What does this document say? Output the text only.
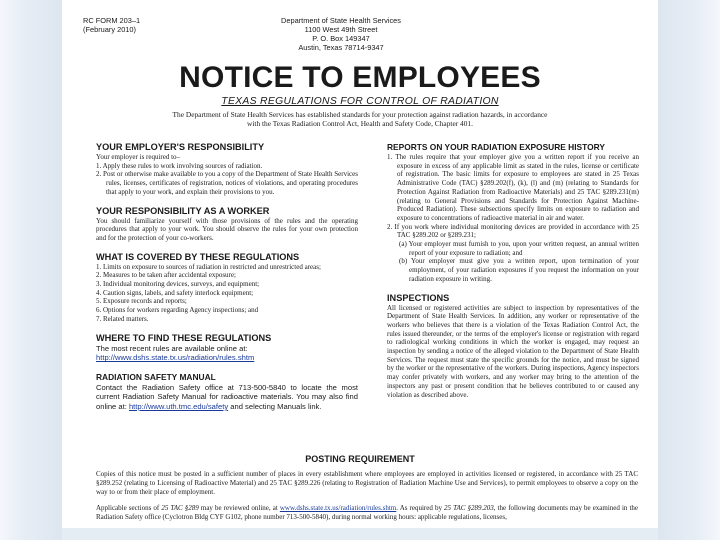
RC FORM 203–1
(February 2010)
Department of State Health Services
1100 West 49th Street
P. O. Box 149347
Austin, Texas 78714-9347
NOTICE TO EMPLOYEES
TEXAS REGULATIONS FOR CONTROL OF RADIATION
The Department of State Health Services has established standards for your protection against radiation hazards, in accordance with the Texas Radiation Control Act, Health and Safety Code, Chapter 401.
YOUR EMPLOYER'S RESPONSIBILITY

Your employer is required to–

1. Apply these rules to work involving sources of radiation.
2. Post or otherwise make available to you a copy of the Department of State Health Services rules, licenses, certificates of registration, notices of violations, and operating procedures that apply to your work, and explain their provisions to you.
YOUR RESPONSIBILITY AS A WORKER

You should familiarize yourself with those provisions of the rules and the operating procedures that apply to your work. You should observe the rules for your own protection and for the protection of your co-workers.

WHAT IS COVERED BY THESE REGULATIONS
1. Limits on exposure to sources of radiation in restricted and unrestricted areas;
2. Measures to be taken after accidental exposure;
3. Individual monitoring devices, surveys, and equipment;
4. Caution signs, labels, and safety interlock equipment;
5. Exposure records and reports;
6. Options for workers regarding Agency inspections; and
7. Related matters.
WHERE TO FIND THESE REGULATIONS
The most recent rules are available online at:
http://www.dshs.state.tx.us/radiation/rules.shtm
RADIATION SAFETY MANUAL
Contact the Radiation Safety office at 713-500-5840 to locate the most current Radiation Safety Manual for radioactive materials. You may also find online at: http://www.uth.tmc.edu/safety and selecting Manuals link.
REPORTS ON YOUR RADIATION EXPOSURE HISTORY
1. The rules require that your employer give you a written report if you receive an exposure in excess of any applicable limit as stated in the rules, license or certificate of registration. The basic limits for exposure to employees are stated in 25 Texas Administrative Code (TAC) §289.202(f), (k), (l) and (m) (relating to Standards for Protection Against Radiation from Radioactive Materials) and 25 TAC §289.231(m) (relating to General Provisions and Standards for Protection Against Machine-Produced Radiation). These subsections specify limits on exposure to radiation and exposure to concentrations of radioactive material in air and water.
2. If you work where individual monitoring devices are provided in accordance with 25 TAC §289.202 or §289.231;
(a) Your employer must furnish to you, upon your written request, an annual written report of your exposure to radiation; and
(b) Your employer must give you a written report, upon termination of your employment, of your radiation exposures if you request the information on your radiation exposure in writing.
INSPECTIONS

All licensed or registered activities are subject to inspection by representatives of the Department of State Health Services. In addition, any worker or representative of the workers who believes that there is a violation of the Texas Radiation Control Act, the rules issued thereunder, or the terms of the employer's license or registration with regard to radiological working conditions in which the worker is engaged, may request an inspection by sending a notice of the alleged violation to the Department of State Health Services. The request must state the specific grounds for the notice, and must be signed by the worker or the representative of the workers. During inspections, Agency inspectors may confer privately with workers, and any worker may bring to the attention of the inspectors any past or present condition that he believes contributed to or caused any violation as described above.

POSTING REQUIREMENT
Copies of this notice must be posted in a sufficient number of places in every establishment where employees are employed in activities licensed or registered, in accordance with 25 TAC §289.252 (relating to Licensing of Radioactive Material) and 25 TAC §289.226 (relating to Registration of Radiation Machine Use and Services), to permit employees to observe a copy on the way to or from their place of employment.
Applicable sections of 25 TAC §289 may be reviewed online, at www.dshs.state.tx.us/radiation/rules.shtm. As required by 25 TAC §289.203, the following documents may be examined in the Radiation Safety office (Cyclotron Bldg CYF G102, phone number 713-500-5840), during normal working hours: applicable regulations, licenses,
